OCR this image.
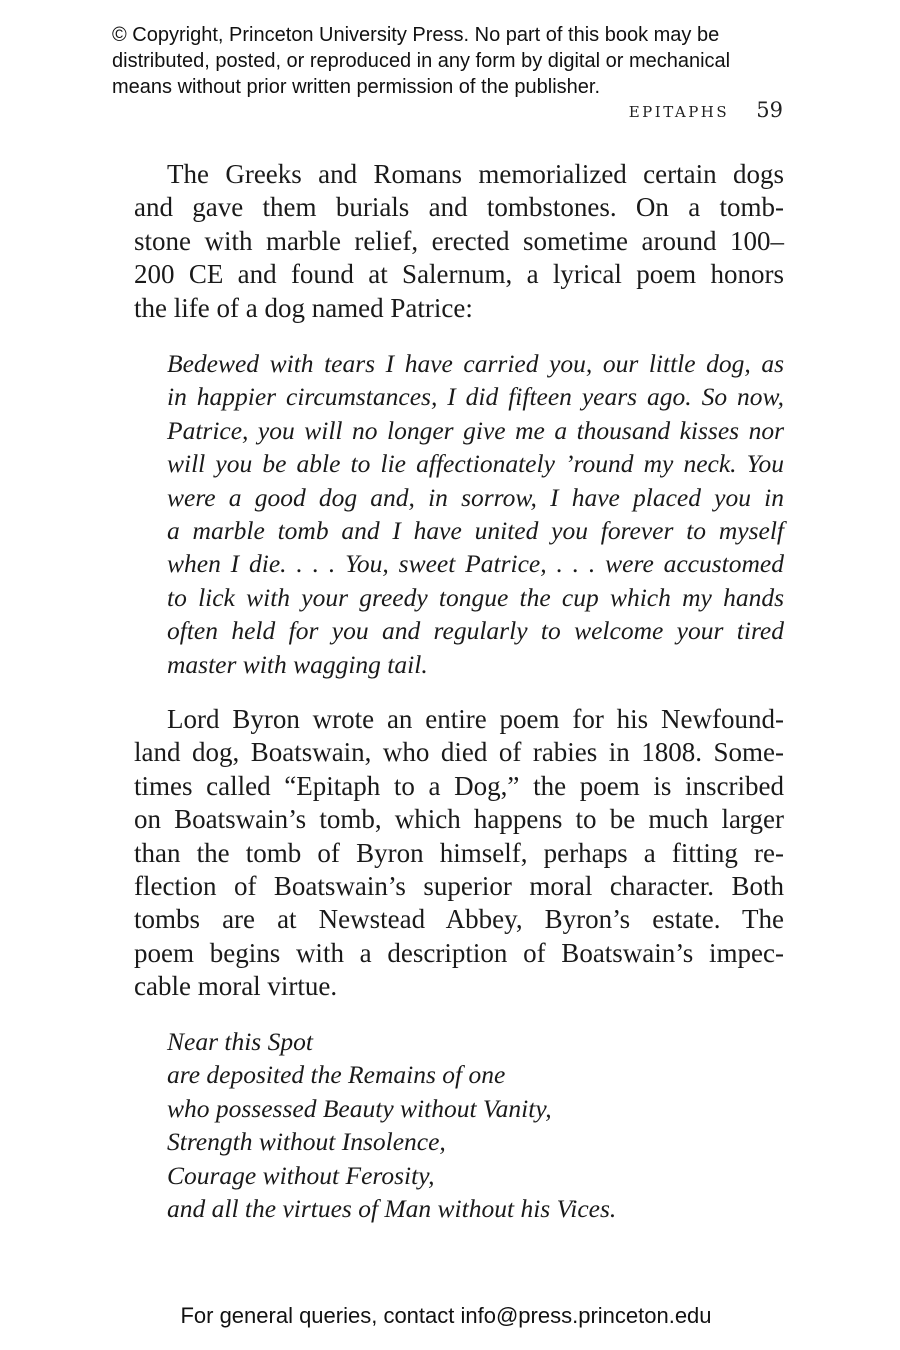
© Copyright, Princeton University Press. No part of this book may be
distributed, posted, or reproduced in any form by digital or mechanical
means without prior written permission of the publisher.
EPITAPHS 59
The Greeks and Romans memorialized certain dogs
and gave them burials and tombstones. On a tomb-
stone with marble relief, erected sometime around 100–
200 CE and found at Salernum, a lyrical poem honors
the life of a dog named Patrice:
Bedewed with tears I have carried you, our little dog, as
in happier circumstances, I did fifteen years ago. So now,
Patrice, you will no longer give me a thousand kisses nor
will you be able to lie affectionately ’round my neck. You
were a good dog and, in sorrow, I have placed you in
a marble tomb and I have united you forever to myself
when I die. . . . You, sweet Patrice, . . . were accustomed
to lick with your greedy tongue the cup which my hands
often held for you and regularly to welcome your tired
master with wagging tail.
Lord Byron wrote an entire poem for his Newfound-
land dog, Boatswain, who died of rabies in 1808. Some-
times called “Epitaph to a Dog,” the poem is inscribed
on Boatswain’s tomb, which happens to be much larger
than the tomb of Byron himself, perhaps a fitting re-
flection of Boatswain’s superior moral character. Both
tombs are at Newstead Abbey, Byron’s estate. The
poem begins with a description of Boatswain’s impec-
cable moral virtue.
Near this Spot
are deposited the Remains of one
who possessed Beauty without Vanity,
Strength without Insolence,
Courage without Ferosity,
and all the virtues of Man without his Vices.
For general queries, contact info@press.princeton.edu
